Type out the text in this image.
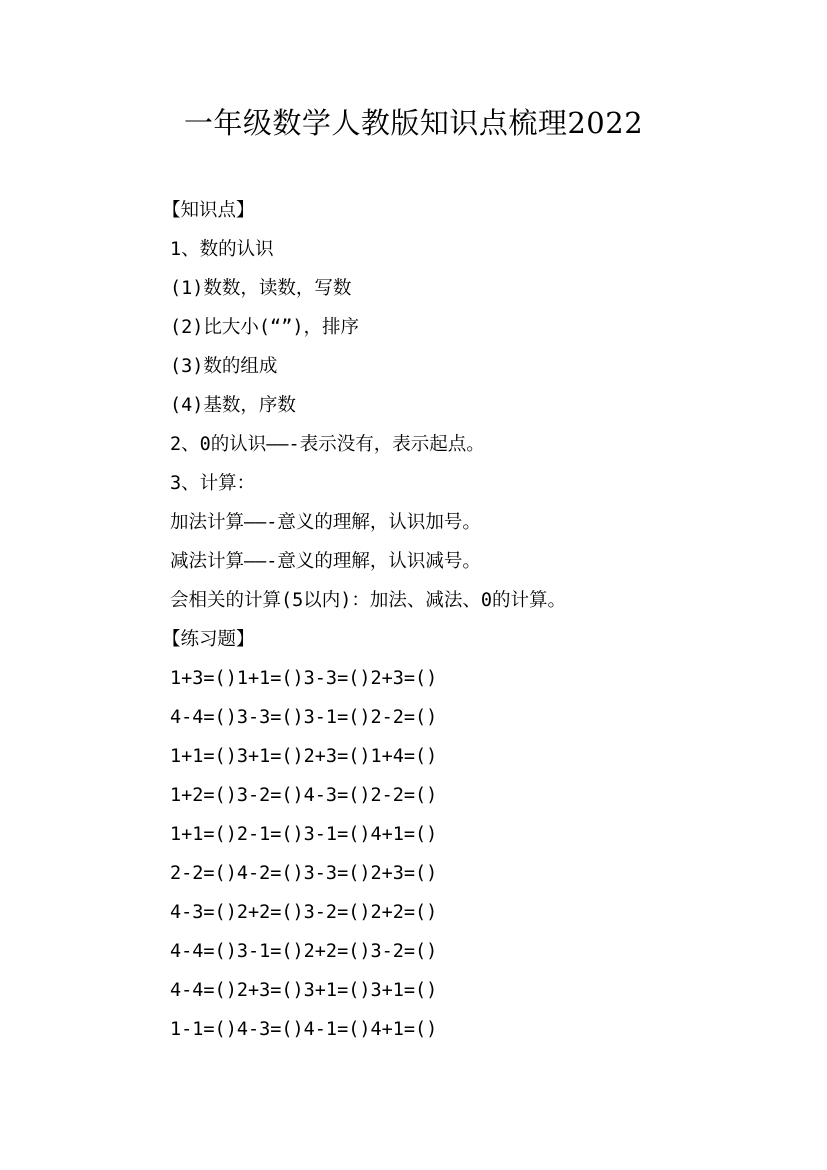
一年级数学人教版知识点梳理2022
【知识点】
1、数的认识
(1)数数，读数，写数
(2)比大小(“”)，排序
(3)数的组成
(4)基数，序数
2、0的认识——-表示没有，表示起点。
3、计算：
加法计算——-意义的理解，认识加号。
减法计算——-意义的理解，认识减号。
会相关的计算(5以内)：加法、减法、0的计算。
【练习题】
1+3=()1+1=()3-3=()2+3=()
4-4=()3-3=()3-1=()2-2=()
1+1=()3+1=()2+3=()1+4=()
1+2=()3-2=()4-3=()2-2=()
1+1=()2-1=()3-1=()4+1=()
2-2=()4-2=()3-3=()2+3=()
4-3=()2+2=()3-2=()2+2=()
4-4=()3-1=()2+2=()3-2=()
4-4=()2+3=()3+1=()3+1=()
1-1=()4-3=()4-1=()4+1=()
